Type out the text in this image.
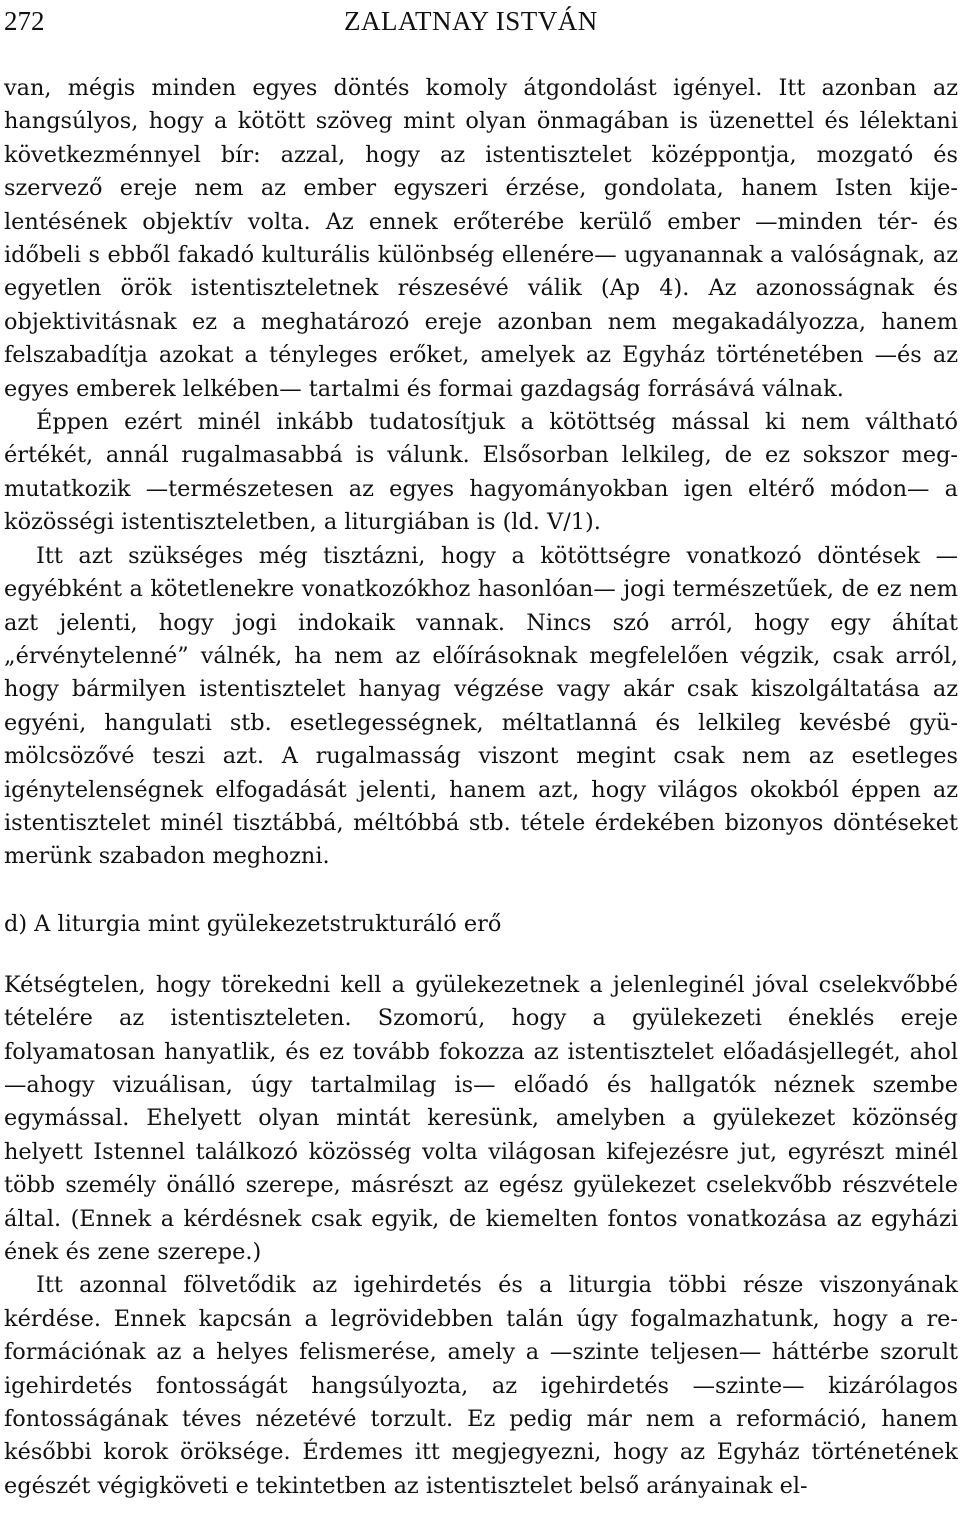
272	ZALATNAY ISTVÁN

van, mégis minden egyes döntés komoly átgondolást igényel. Itt azonban az hangsúlyos, hogy a kötött szöveg mint olyan önmagában is üzenettel és lélektani következménnyel bír: azzal, hogy az istentisztelet középpontja, mozgató és szervező ereje nem az ember egyszeri érzése, gondolata, hanem Isten kijelentésének objektív volta. Az ennek erőterébe kerülő ember —minden tér- és időbeli s ebből fakadó kulturális különbség ellenére— ugyanannak a valóságnak, az egyetlen örök istentiszteletnek részesévé válik (Ap 4). Az azonosságnak és objektivitásnak ez a meghatározó ereje azonban nem megakadályozza, hanem felszabadítja azokat a tényleges erőket, amelyek az Egyház történetében —és az egyes emberek lelkében— tartalmi és formai gazdagság forrásává válnak.

Éppen ezért minél inkább tudatosítjuk a kötöttség mással ki nem váltható értékét, annál rugalmasabbá is válunk. Elsősorban lelkileg, de ez sokszor megmutatkozik —természetesen az egyes hagyományokban igen eltérő módon— a közösségi istentiszteletben, a liturgiában is (ld. V/1).

Itt azt szükséges még tisztázni, hogy a kötöttségre vonatkozó döntések — egyébként a kötetlenekre vonatkozókhoz hasonlóan— jogi természetűek, de ez nem azt jelenti, hogy jogi indokaik vannak. Nincs szó arról, hogy egy áhítat „érvénytelenné” válnék, ha nem az előírásoknak megfelelően végzik, csak arról, hogy bármilyen istentisztelet hanyag végzése vagy akár csak kiszolgáltatása az egyéni, hangulati stb. esetlegességnek, méltatlanná és lelkileg kevésbé gyümölcsözővé teszi azt. A rugalmasság viszont megint csak nem az esetleges igénytelenségnek elfogadását jelenti, hanem azt, hogy világos okokból éppen az istentisztelet minél tisztábbá, méltóbbá stb. tétele érdekében bizonyos döntéseket merünk szabadon meghozni.

d) A liturgia mint gyülekezetstrukturáló erő

Kétségtelen, hogy törekedni kell a gyülekezetnek a jelenleginél jóval cselekvőbbé tételére az istentiszteleten. Szomorú, hogy a gyülekezeti éneklés ereje folyamatosan hanyatlik, és ez tovább fokozza az istentisztelet előadásjellegét, ahol —ahogy vizuálisan, úgy tartalmilag is— előadó és hallgatók néznek szembe egymással. Ehelyett olyan mintát keresünk, amelyben a gyülekezet közönség helyett Istennel találkozó közösség volta világosan kifejezésre jut, egyrészt minél több személy önálló szerepe, másrészt az egész gyülekezet cselekvőbb részvétele által. (Ennek a kérdésnek csak egyik, de kiemelten fontos vonatkozása az egyházi ének és zene szerepe.)

Itt azonnal fölvetődik az igehirdetés és a liturgia többi része viszonyának kérdése. Ennek kapcsán a legrövidebben talán úgy fogalmazhatunk, hogy a reformációnak az a helyes felismerése, amely a —szinte teljesen— háttérbe szorult igehirdetés fontosságát hangsúlyozta, az igehirdetés —szinte— kizárólagos fontosságának téves nézetévé torzult. Ez pedig már nem a reformáció, hanem későbbi korok öröksége. Érdemes itt megjegyezni, hogy az Egyház történetének egészét végigköveti e tekintetben az istentisztelet belső arányainak el-
